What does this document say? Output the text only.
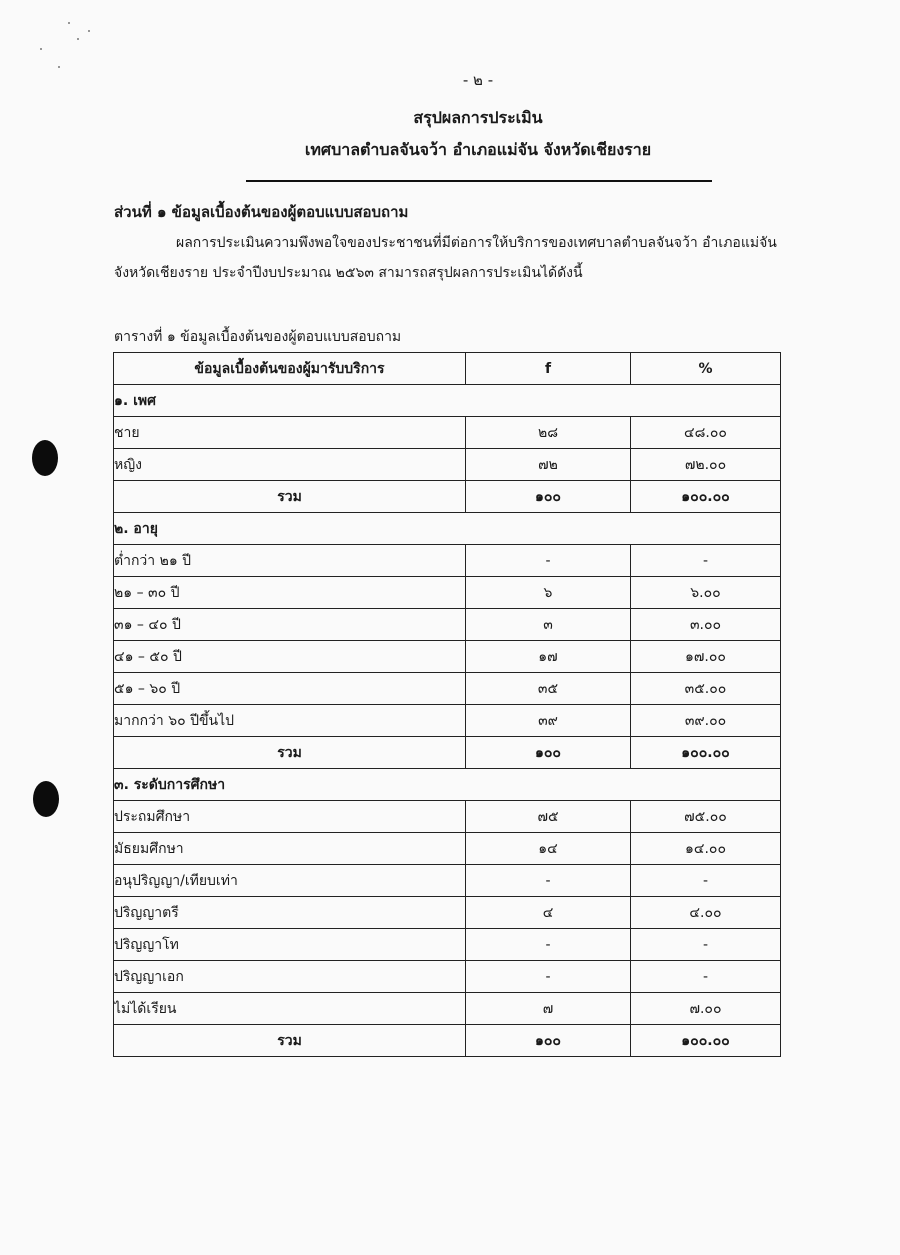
- ๒ -
สรุปผลการประเมิน
เทศบาลตำบลจันจว้า อำเภอแม่จัน จังหวัดเชียงราย
ส่วนที่ ๑ ข้อมูลเบื้องต้นของผู้ตอบแบบสอบถาม
ผลการประเมินความพึงพอใจของประชาชนที่มีต่อการให้บริการของเทศบาลตำบลจันจว้า อำเภอแม่จัน
จังหวัดเชียงราย ประจำปีงบประมาณ ๒๕๖๓ สามารถสรุปผลการประเมินได้ดังนี้
ตารางที่ ๑ ข้อมูลเบื้องต้นของผู้ตอบแบบสอบถาม
ข้อมูลเบื้องต้นของผู้มารับบริการ	f	%
๑. เพศ		
ชาย	๒๘	๔๘.๐๐
หญิง	๗๒	๗๒.๐๐
รวม	๑๐๐	๑๐๐.๐๐
๒. อายุ		
ต่ำกว่า ๒๑ ปี	-	-
๒๑ – ๓๐ ปี	๖	๖.๐๐
๓๑ – ๔๐ ปี	๓	๓.๐๐
๔๑ – ๕๐ ปี	๑๗	๑๗.๐๐
๕๑ – ๖๐ ปี	๓๕	๓๕.๐๐
มากกว่า ๖๐ ปีขึ้นไป	๓๙	๓๙.๐๐
รวม	๑๐๐	๑๐๐.๐๐
๓. ระดับการศึกษา		
ประถมศึกษา	๗๕	๗๕.๐๐
มัธยมศึกษา	๑๔	๑๔.๐๐
อนุปริญญา/เทียบเท่า	-	-
ปริญญาตรี	๔	๔.๐๐
ปริญญาโท	-	-
ปริญญาเอก	-	-
ไม่ได้เรียน	๗	๗.๐๐
รวม	๑๐๐	๑๐๐.๐๐
